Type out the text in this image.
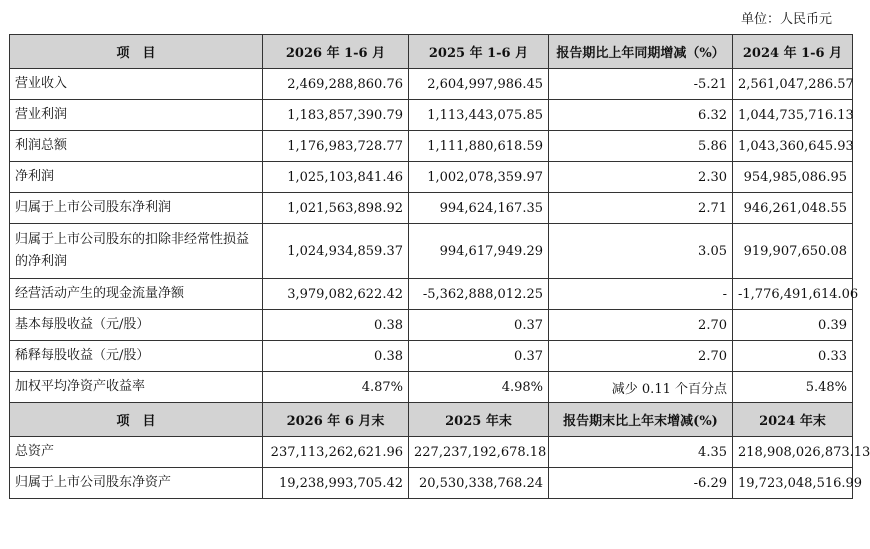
单位：人民币元
项　目	2026 年 1-6 月	2025 年 1-6 月	报告期比上年同期增减（%）	2024 年 1-6 月
营业收入	2,469,288,860.76	2,604,997,986.45	-5.21	2,561,047,286.57
营业利润	1,183,857,390.79	1,113,443,075.85	6.32	1,044,735,716.13
利润总额	1,176,983,728.77	1,111,880,618.59	5.86	1,043,360,645.93
净利润	1,025,103,841.46	1,002,078,359.97	2.30	954,985,086.95
归属于上市公司股东净利润	1,021,563,898.92	994,624,167.35	2.71	946,261,048.55
归属于上市公司股东的扣除非经常性损益的净利润	1,024,934,859.37	994,617,949.29	3.05	919,907,650.08
经营活动产生的现金流量净额	3,979,082,622.42	-5,362,888,012.25	-	-1,776,491,614.06
基本每股收益（元/股）	0.38	0.37	2.70	0.39
稀释每股收益（元/股）	0.38	0.37	2.70	0.33
加权平均净资产收益率	4.87%	4.98%	减少 0.11 个百分点	5.48%
项　目	2026 年 6 月末	2025 年末	报告期末比上年末增减(%)	2024 年末
总资产	237,113,262,621.96	227,237,192,678.18	4.35	218,908,026,873.13
归属于上市公司股东净资产	19,238,993,705.42	20,530,338,768.24	-6.29	19,723,048,516.99
